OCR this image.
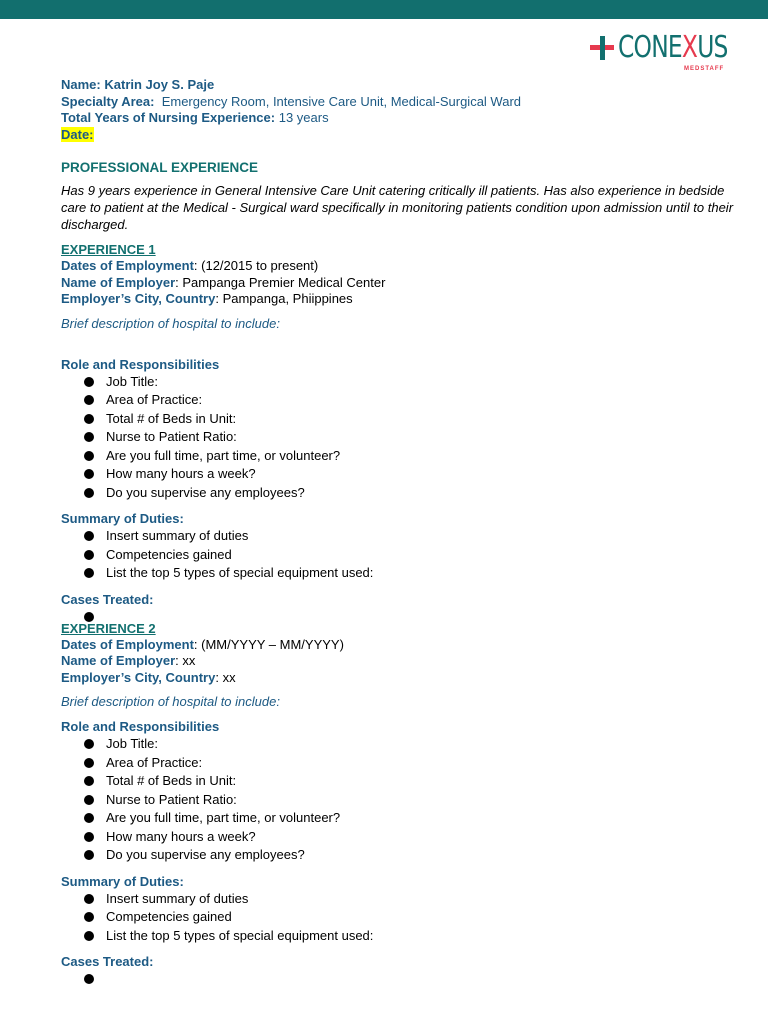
CONEXUS
MEDSTAFF
Name: Katrin Joy S. Paje
Specialty Area: Emergency Room, Intensive Care Unit, Medical-Surgical Ward
Total Years of Nursing Experience: 13 years
Date:
PROFESSIONAL EXPERIENCE
Has 9 years experience in General Intensive Care Unit catering critically ill patients. Has also experience in bedside care to patient at the Medical - Surgical ward specifically in monitoring patients condition upon admission until to their discharged.
EXPERIENCE 1
Dates of Employment: (12/2015 to present)
Name of Employer: Pampanga Premier Medical Center
Employer’s City, Country: Pampanga, Phiippines
Brief description of hospital to include:
Role and Responsibilities
Job Title:
Area of Practice:
Total # of Beds in Unit:
Nurse to Patient Ratio:
Are you full time, part time, or volunteer?
How many hours a week?
Do you supervise any employees?
Summary of Duties:
Insert summary of duties
Competencies gained
List the top 5 types of special equipment used:
Cases Treated:
EXPERIENCE 2
Dates of Employment: (MM/YYYY – MM/YYYY)
Name of Employer: xx
Employer’s City, Country: xx
Brief description of hospital to include:
Role and Responsibilities
Job Title:
Area of Practice:
Total # of Beds in Unit:
Nurse to Patient Ratio:
Are you full time, part time, or volunteer?
How many hours a week?
Do you supervise any employees?
Summary of Duties:
Insert summary of duties
Competencies gained
List the top 5 types of special equipment used:
Cases Treated:
